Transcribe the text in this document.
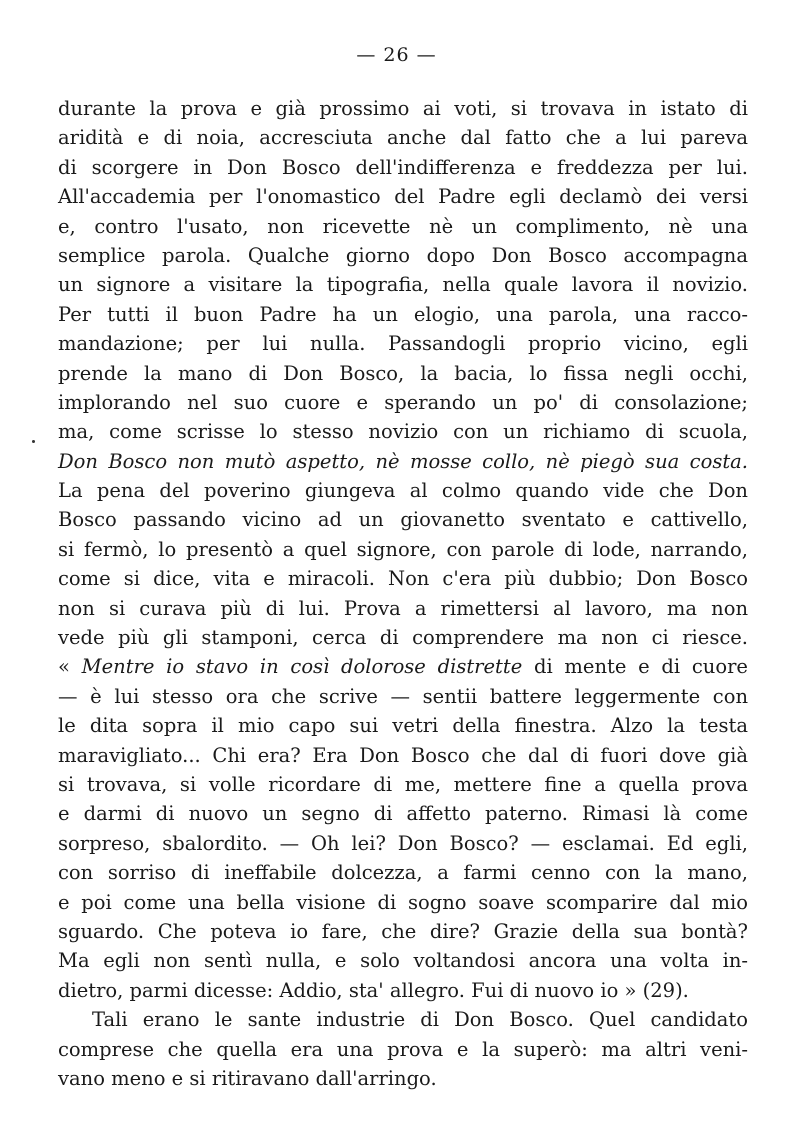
— 26 —
durante la prova e già prossimo ai voti, si trovava in istato di
aridità e di noia, accresciuta anche dal fatto che a lui pareva
di scorgere in Don Bosco dell'indifferenza e freddezza per lui.
All'accademia per l'onomastico del Padre egli declamò dei versi
e, contro l'usato, non ricevette nè un complimento, nè una
semplice parola. Qualche giorno dopo Don Bosco accompagna
un signore a visitare la tipografia, nella quale lavora il novizio.
Per tutti il buon Padre ha un elogio, una parola, una racco-
mandazione; per lui nulla. Passandogli proprio vicino, egli
prende la mano di Don Bosco, la bacia, lo fissa negli occhi,
implorando nel suo cuore e sperando un po' di consolazione;
ma, come scrisse lo stesso novizio con un richiamo di scuola,
Don Bosco non mutò aspetto, nè mosse collo, nè piegò sua costa.
La pena del poverino giungeva al colmo quando vide che Don
Bosco passando vicino ad un giovanetto sventato e cattivello,
si fermò, lo presentò a quel signore, con parole di lode, narrando,
come si dice, vita e miracoli. Non c'era più dubbio; Don Bosco
non si curava più di lui. Prova a rimettersi al lavoro, ma non
vede più gli stamponi, cerca di comprendere ma non ci riesce.
« Mentre io stavo in così dolorose distrette di mente e di cuore
— è lui stesso ora che scrive — sentii battere leggermente con
le dita sopra il mio capo sui vetri della finestra. Alzo la testa
maravigliato... Chi era? Era Don Bosco che dal di fuori dove già
si trovava, si volle ricordare di me, mettere fine a quella prova
e darmi di nuovo un segno di affetto paterno. Rimasi là come
sorpreso, sbalordito. — Oh lei? Don Bosco? — esclamai. Ed egli,
con sorriso di ineffabile dolcezza, a farmi cenno con la mano,
e poi come una bella visione di sogno soave scomparire dal mio
sguardo. Che poteva io fare, che dire? Grazie della sua bontà?
Ma egli non sentì nulla, e solo voltandosi ancora una volta in-
dietro, parmi dicesse: Addio, sta' allegro. Fui di nuovo io » (29).
Tali erano le sante industrie di Don Bosco. Quel candidato
comprese che quella era una prova e la superò: ma altri veni-
vano meno e si ritiravano dall'arringo.
